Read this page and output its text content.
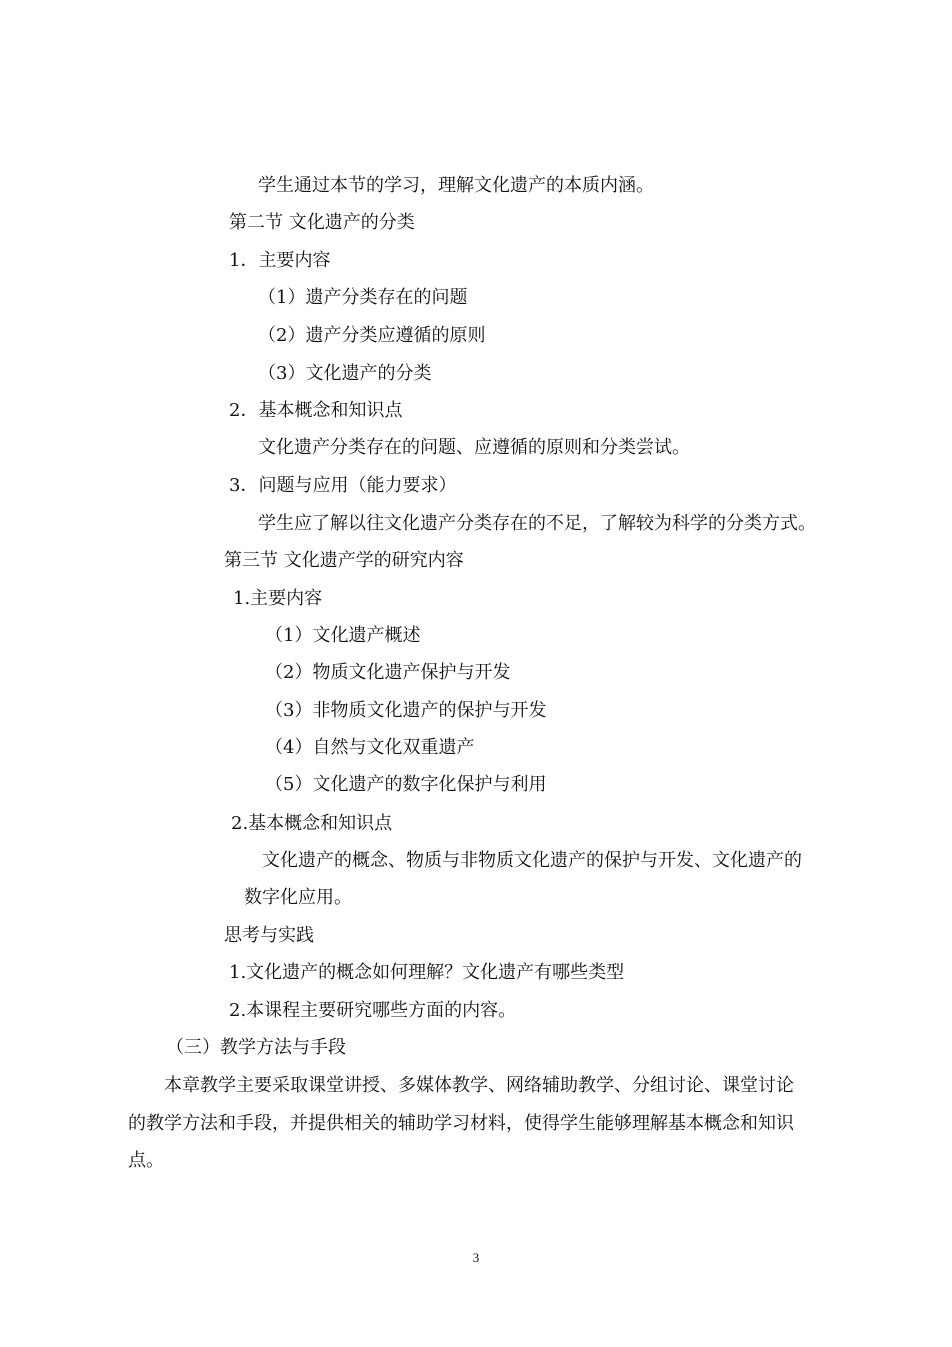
学生通过本节的学习，理解文化遗产的本质内涵。

第二节 文化遗产的分类

1．主要内容

（1）遗产分类存在的问题

（2）遗产分类应遵循的原则

（3）文化遗产的分类

2．基本概念和知识点

文化遗产分类存在的问题、应遵循的原则和分类尝试。

3．问题与应用（能力要求）

学生应了解以往文化遗产分类存在的不足，了解较为科学的分类方式。

第三节 文化遗产学的研究内容

1.主要内容

（1）文化遗产概述

（2）物质文化遗产保护与开发

（3）非物质文化遗产的保护与开发

（4）自然与文化双重遗产

（5）文化遗产的数字化保护与利用

2.基本概念和知识点

文化遗产的概念、物质与非物质文化遗产的保护与开发、文化遗产的

数字化应用。

思考与实践

1.文化遗产的概念如何理解？文化遗产有哪些类型

2.本课程主要研究哪些方面的内容。

（三）教学方法与手段

本章教学主要采取课堂讲授、多媒体教学、网络辅助教学、分组讨论、课堂讨论

的教学方法和手段，并提供相关的辅助学习材料，使得学生能够理解基本概念和知识

点。

3
